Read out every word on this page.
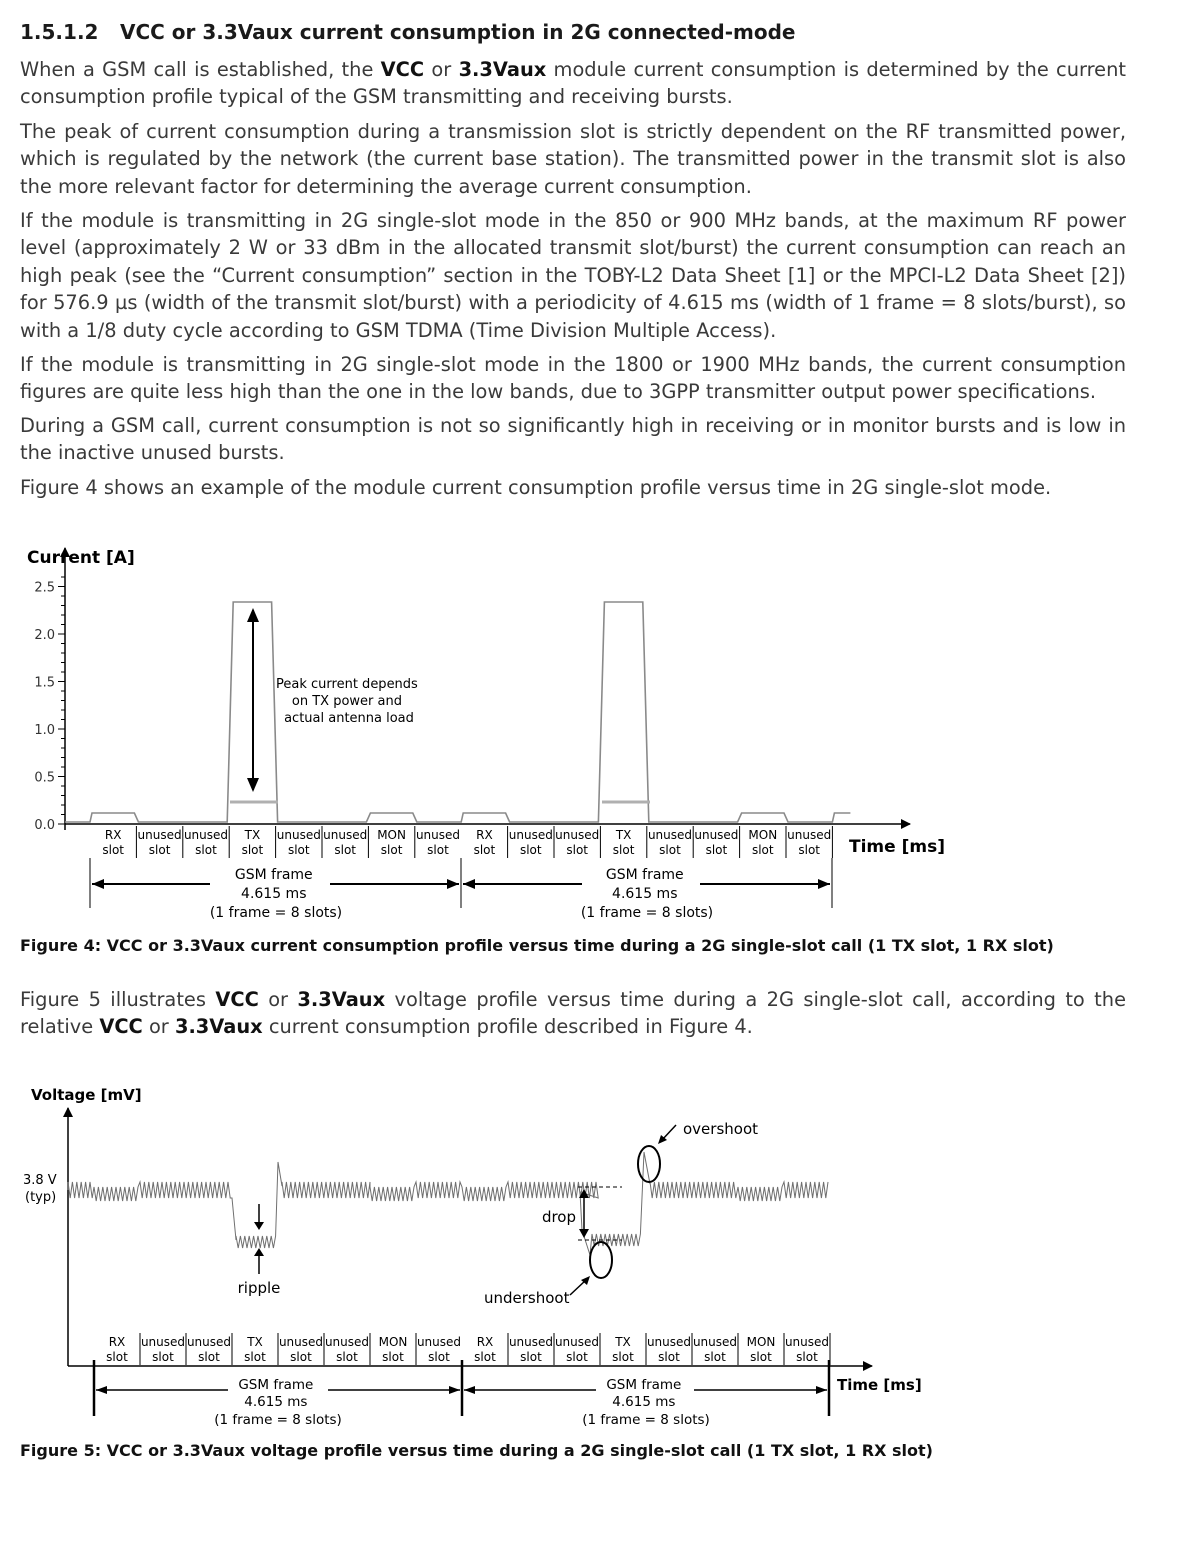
1.5.1.2 VCC or 3.3Vaux current consumption in 2G connected-mode

When a GSM call is established, the VCC or 3.3Vaux module current consumption is determined by the current consumption profile typical of the GSM transmitting and receiving bursts.

The peak of current consumption during a transmission slot is strictly dependent on the RF transmitted power, which is regulated by the network (the current base station). The transmitted power in the transmit slot is also the more relevant factor for determining the average current consumption.

If the module is transmitting in 2G single-slot mode in the 850 or 900 MHz bands, at the maximum RF power level (approximately 2 W or 33 dBm in the allocated transmit slot/burst) the current consumption can reach an high peak (see the “Current consumption” section in the TOBY-L2 Data Sheet [1] or the MPCI-L2 Data Sheet [2]) for 576.9 µs (width of the transmit slot/burst) with a periodicity of 4.615 ms (width of 1 frame = 8 slots/burst), so with a 1/8 duty cycle according to GSM TDMA (Time Division Multiple Access).

If the module is transmitting in 2G single-slot mode in the 1800 or 1900 MHz bands, the current consumption figures are quite less high than the one in the low bands, due to 3GPP transmitter output power specifications.

During a GSM call, current consumption is not so significantly high in receiving or in monitor bursts and is low in the inactive unused bursts.

Figure 4 shows an example of the module current consumption profile versus time in 2G single-slot mode.

Current [A]
0.0
0.5
1.0
1.5
2.0
2.5
Peak current depends on TX power and actual antenna load
RX
slot
unused
slot
unused
slot
TX
slot
unused
slot
unused
slot
MON
slot
unused
slot
RX
slot
unused
slot
unused
slot
TX
slot
unused
slot
unused
slot
MON
slot
unused
slot Time [ms]
GSM frame 4.615 ms (1 frame = 8 slots)
GSM frame 4.615 ms (1 frame = 8 slots)

Figure 4: VCC or 3.3Vaux current consumption profile versus time during a 2G single-slot call (1 TX slot, 1 RX slot)

Figure 5 illustrates VCC or 3.3Vaux voltage profile versus time during a 2G single-slot call, according to the relative VCC or 3.3Vaux current consumption profile described in Figure 4.

Voltage [mV]
3.8 V (typ)
ripple
drop
overshoot
undershoot
RX
slot
unused
slot
unused
slot
TX
slot
unused
slot
unused
slot
MON
slot
unused
slot
RX
slot
unused
slot
unused
slot
TX
slot
unused
slot
unused
slot
MON
slot
unused
slot
Time [ms]
GSM frame 4.615 ms (1 frame = 8 slots)
GSM frame 4.615 ms (1 frame = 8 slots)

Figure 5: VCC or 3.3Vaux voltage profile versus time during a 2G single-slot call (1 TX slot, 1 RX slot)
